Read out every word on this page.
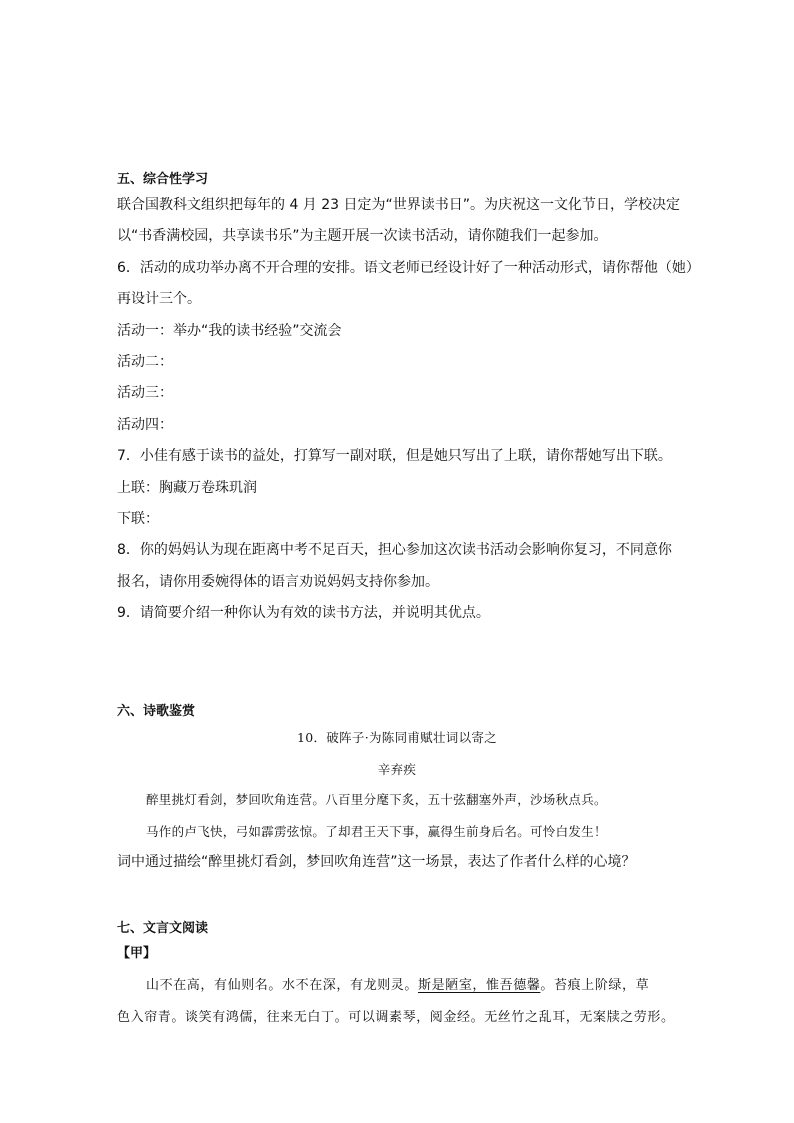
五、综合性学习
联合国教科文组织把每年的 4 月 23 日定为“世界读书日”。为庆祝这一文化节日，学校决定
以“书香满校园，共享读书乐”为主题开展一次读书活动，请你随我们一起参加。
6．活动的成功举办离不开合理的安排。语文老师已经设计好了一种活动形式，请你帮他（她）
再设计三个。
活动一：举办“我的读书经验”交流会
活动二：
活动三：
活动四：
7．小佳有感于读书的益处，打算写一副对联，但是她只写出了上联，请你帮她写出下联。
上联：胸藏万卷珠玑润
下联：
8．你的妈妈认为现在距离中考不足百天，担心参加这次读书活动会影响你复习，不同意你
报名，请你用委婉得体的语言劝说妈妈支持你参加。
9．请简要介绍一种你认为有效的读书方法，并说明其优点。
六、诗歌鉴赏
10．破阵子·为陈同甫赋壮词以寄之
辛弃疾
醉里挑灯看剑，梦回吹角连营。八百里分麾下炙，五十弦翻塞外声，沙场秋点兵。
马作的卢飞快，弓如霹雳弦惊。了却君王天下事，赢得生前身后名。可怜白发生！
词中通过描绘“醉里挑灯看剑，梦回吹角连营”这一场景，表达了作者什么样的心境？
七、文言文阅读
【甲】
山不在高，有仙则名。水不在深，有龙则灵。斯是陋室，惟吾德馨。苔痕上阶绿，草
色入帘青。谈笑有鸿儒，往来无白丁。可以调素琴，阅金经。无丝竹之乱耳，无案牍之劳形。
